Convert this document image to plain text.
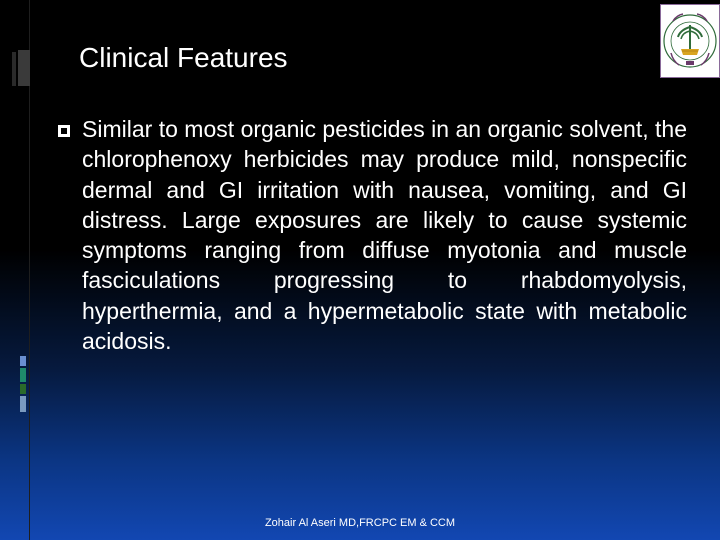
Clinical Features

Similar to most organic pesticides in an organic solvent, the chlorophenoxy herbicides may produce mild, nonspecific dermal and GI irritation with nausea, vomiting, and GI distress. Large exposures are likely to cause systemic symptoms ranging from diffuse myotonia and muscle fasciculations progressing to rhabdomyolysis, hyperthermia, and a hypermetabolic state with metabolic acidosis.

Zohair Al Aseri MD,FRCPC EM & CCM
